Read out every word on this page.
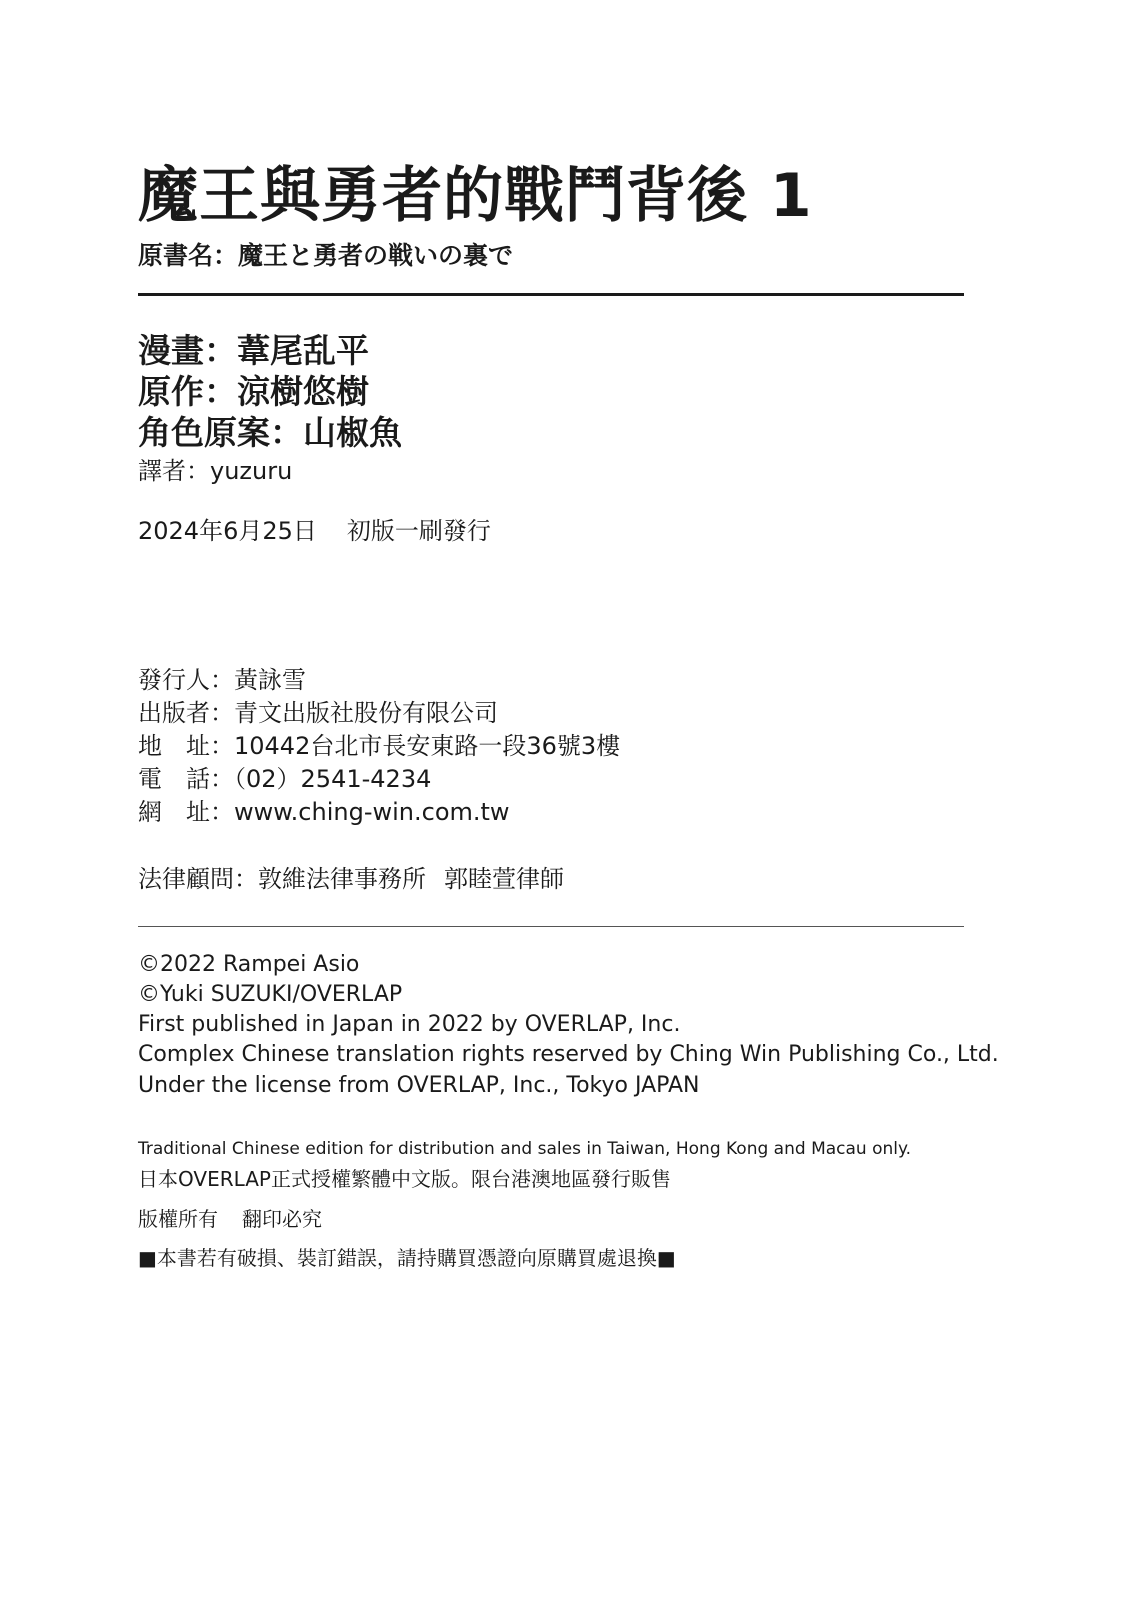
魔王與勇者的戰鬥背後 1
原書名：魔王と勇者の戦いの裏で
漫畫：葦尾乱平
原作：涼樹悠樹
角色原案：山椒魚
譯者：yuzuru
2024年6月25日 初版一刷發行
發行人：黃詠雪
出版者：青文出版社股份有限公司
地　址：10442台北市長安東路一段36號3樓
電　話：（02）2541-4234
網　址：www.ching-win.com.tw
法律顧問：敦維法律事務所 郭睦萱律師
©2022 Rampei Asio
©Yuki SUZUKI/OVERLAP
First published in Japan in 2022 by OVERLAP, Inc.
Complex Chinese translation rights reserved by Ching Win Publishing Co., Ltd.
Under the license from OVERLAP, Inc., Tokyo JAPAN
Traditional Chinese edition for distribution and sales in Taiwan, Hong Kong and Macau only.
日本OVERLAP正式授權繁體中文版。限台港澳地區發行販售
版權所有 翻印必究
■本書若有破損、裝訂錯誤，請持購買憑證向原購買處退換■
